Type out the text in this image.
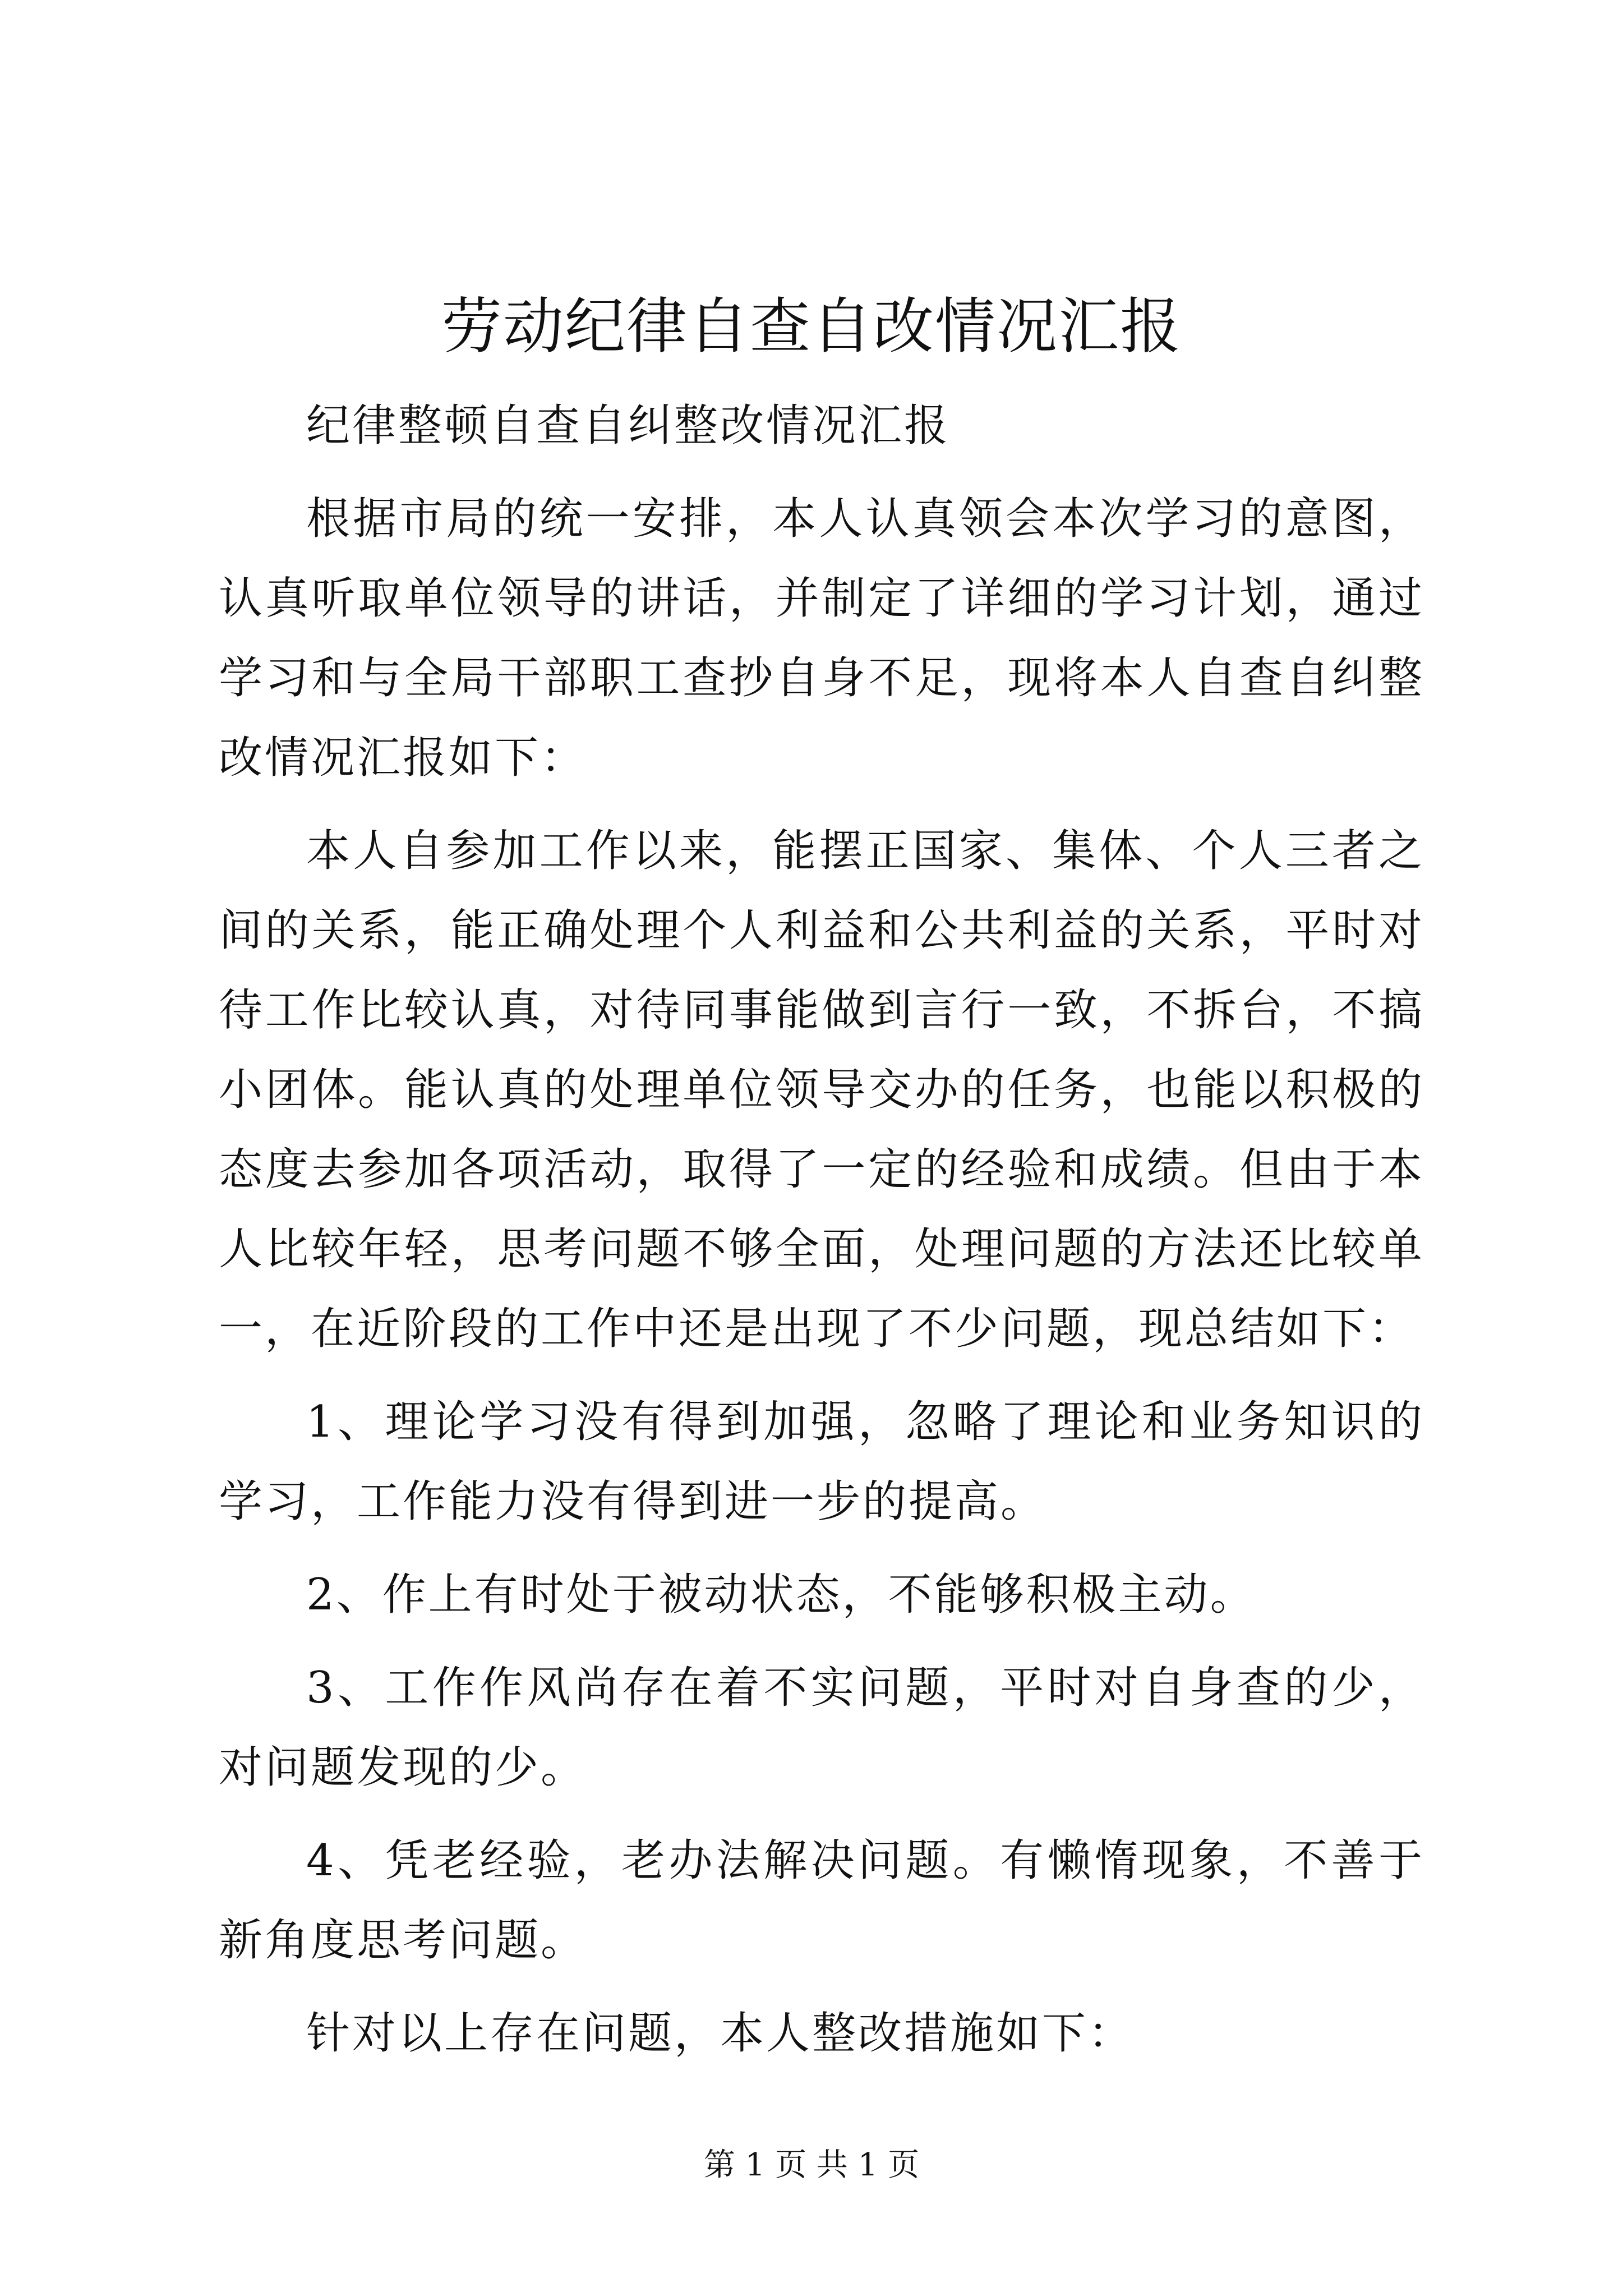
劳动纪律自查自改情况汇报

纪律整顿自查自纠整改情况汇报

根据市局的统一安排，本人认真领会本次学习的意图，认真听取单位领导的讲话，并制定了详细的学习计划，通过学习和与全局干部职工查抄自身不足，现将本人自查自纠整改情况汇报如下：

本人自参加工作以来，能摆正国家、集体、个人三者之间的关系，能正确处理个人利益和公共利益的关系，平时对待工作比较认真，对待同事能做到言行一致，不拆台，不搞小团体。能认真的处理单位领导交办的任务，也能以积极的态度去参加各项活动，取得了一定的经验和成绩。但由于本人比较年轻，思考问题不够全面，处理问题的方法还比较单一，在近阶段的工作中还是出现了不少问题，现总结如下：

1、理论学习没有得到加强，忽略了理论和业务知识的学习，工作能力没有得到进一步的提高。

2、作上有时处于被动状态，不能够积极主动。

3、工作作风尚存在着不实问题，平时对自身查的少，对问题发现的少。

4、凭老经验，老办法解决问题。有懒惰现象，不善于新角度思考问题。

针对以上存在问题，本人整改措施如下：

第 1 页 共 1 页
